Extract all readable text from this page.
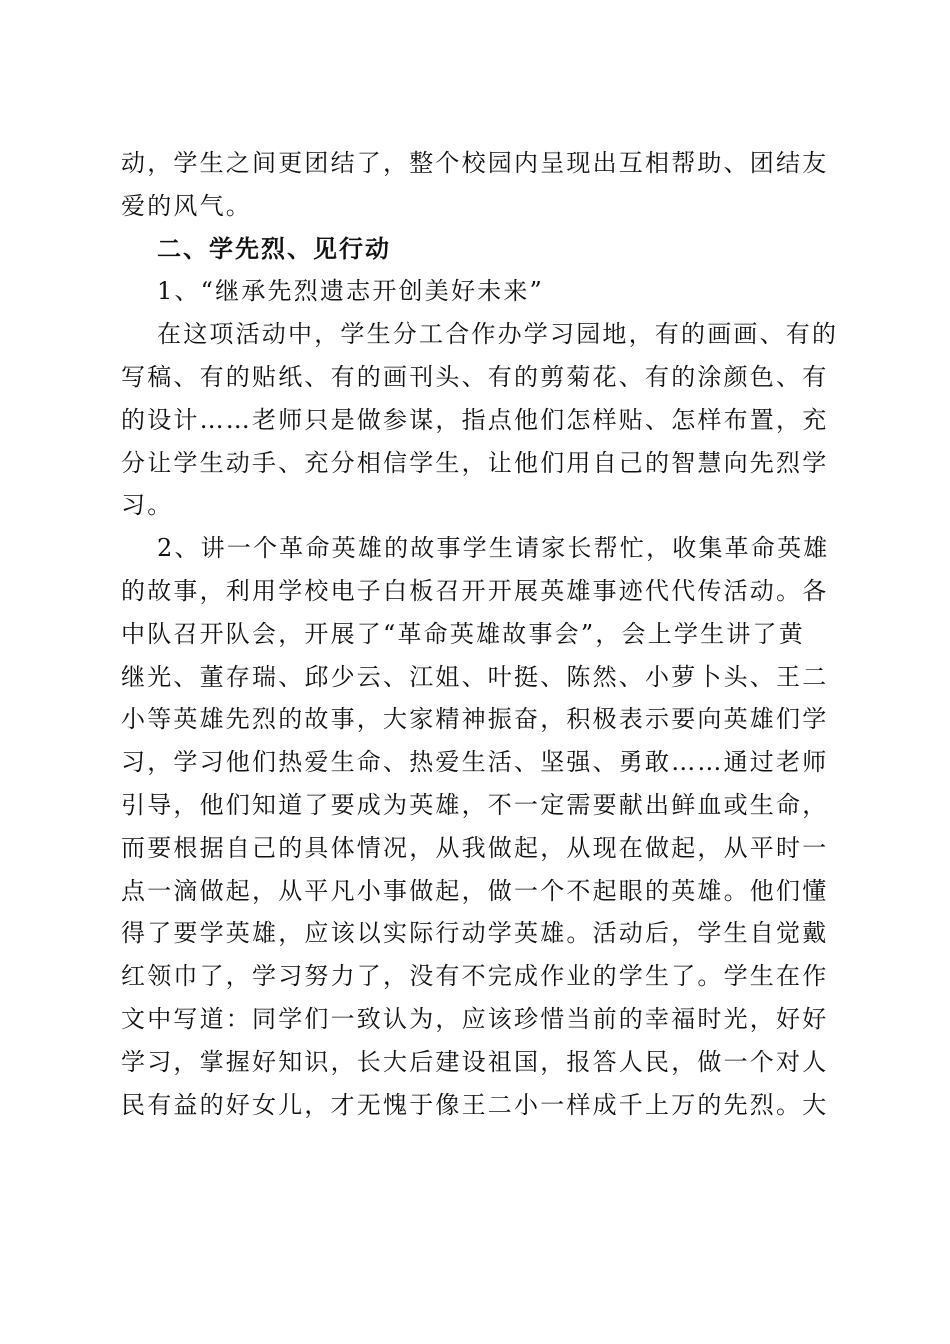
动，学生之间更团结了，整个校园内呈现出互相帮助、团结友
爱的风气。
二、学先烈、见行动
1、“继承先烈遗志开创美好未来”
在这项活动中，学生分工合作办学习园地，有的画画、有的
写稿、有的贴纸、有的画刊头、有的剪菊花、有的涂颜色、有
的设计……老师只是做参谋，指点他们怎样贴、怎样布置，充
分让学生动手、充分相信学生，让他们用自己的智慧向先烈学
习。
2、讲一个革命英雄的故事学生请家长帮忙，收集革命英雄
的故事，利用学校电子白板召开开展英雄事迹代代传活动。各
中队召开队会，开展了“革命英雄故事会”，会上学生讲了黄
继光、董存瑞、邱少云、江姐、叶挺、陈然、小萝卜头、王二
小等英雄先烈的故事，大家精神振奋，积极表示要向英雄们学
习，学习他们热爱生命、热爱生活、坚强、勇敢……通过老师
引导，他们知道了要成为英雄，不一定需要献出鲜血或生命，
而要根据自己的具体情况，从我做起，从现在做起，从平时一
点一滴做起，从平凡小事做起，做一个不起眼的英雄。他们懂
得了要学英雄，应该以实际行动学英雄。活动后，学生自觉戴
红领巾了，学习努力了，没有不完成作业的学生了。学生在作
文中写道：同学们一致认为，应该珍惜当前的幸福时光，好好
学习，掌握好知识，长大后建设祖国，报答人民，做一个对人
民有益的好女儿，才无愧于像王二小一样成千上万的先烈。大
